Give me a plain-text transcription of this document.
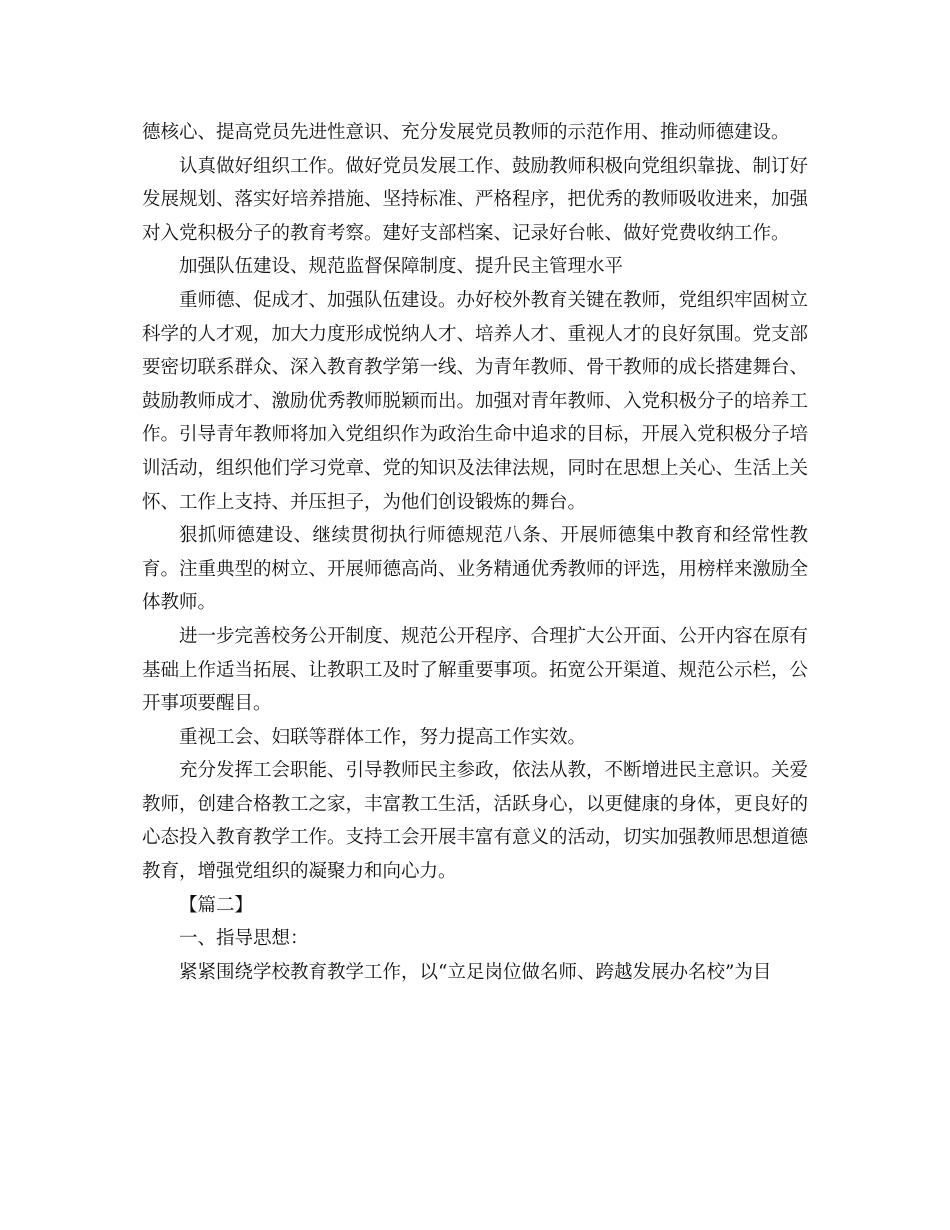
德核心、提高党员先进性意识、充分发展党员教师的示范作用、推动师德建设。

认真做好组织工作。做好党员发展工作、鼓励教师积极向党组织靠拢、制订好发展规划、落实好培养措施、坚持标准、严格程序，把优秀的教师吸收进来，加强对入党积极分子的教育考察。建好支部档案、记录好台帐、做好党费收纳工作。

加强队伍建设、规范监督保障制度、提升民主管理水平

重师德、促成才、加强队伍建设。办好校外教育关键在教师，党组织牢固树立科学的人才观，加大力度形成悦纳人才、培养人才、重视人才的良好氛围。党支部要密切联系群众、深入教育教学第一线、为青年教师、骨干教师的成长搭建舞台、鼓励教师成才、激励优秀教师脱颖而出。加强对青年教师、入党积极分子的培养工作。引导青年教师将加入党组织作为政治生命中追求的目标，开展入党积极分子培训活动，组织他们学习党章、党的知识及法律法规，同时在思想上关心、生活上关怀、工作上支持、并压担子，为他们创设锻炼的舞台。

狠抓师德建设、继续贯彻执行师德规范八条、开展师德集中教育和经常性教育。注重典型的树立、开展师德高尚、业务精通优秀教师的评选，用榜样来激励全体教师。

进一步完善校务公开制度、规范公开程序、合理扩大公开面、公开内容在原有基础上作适当拓展、让教职工及时了解重要事项。拓宽公开渠道、规范公示栏，公开事项要醒目。

重视工会、妇联等群体工作，努力提高工作实效。

充分发挥工会职能、引导教师民主参政，依法从教，不断增进民主意识。关爱教师，创建合格教工之家，丰富教工生活，活跃身心，以更健康的身体，更良好的心态投入教育教学工作。支持工会开展丰富有意义的活动，切实加强教师思想道德教育，增强党组织的凝聚力和向心力。

【篇二】

一、指导思想：

紧紧围绕学校教育教学工作，以“立足岗位做名师、跨越发展办名校”为目
